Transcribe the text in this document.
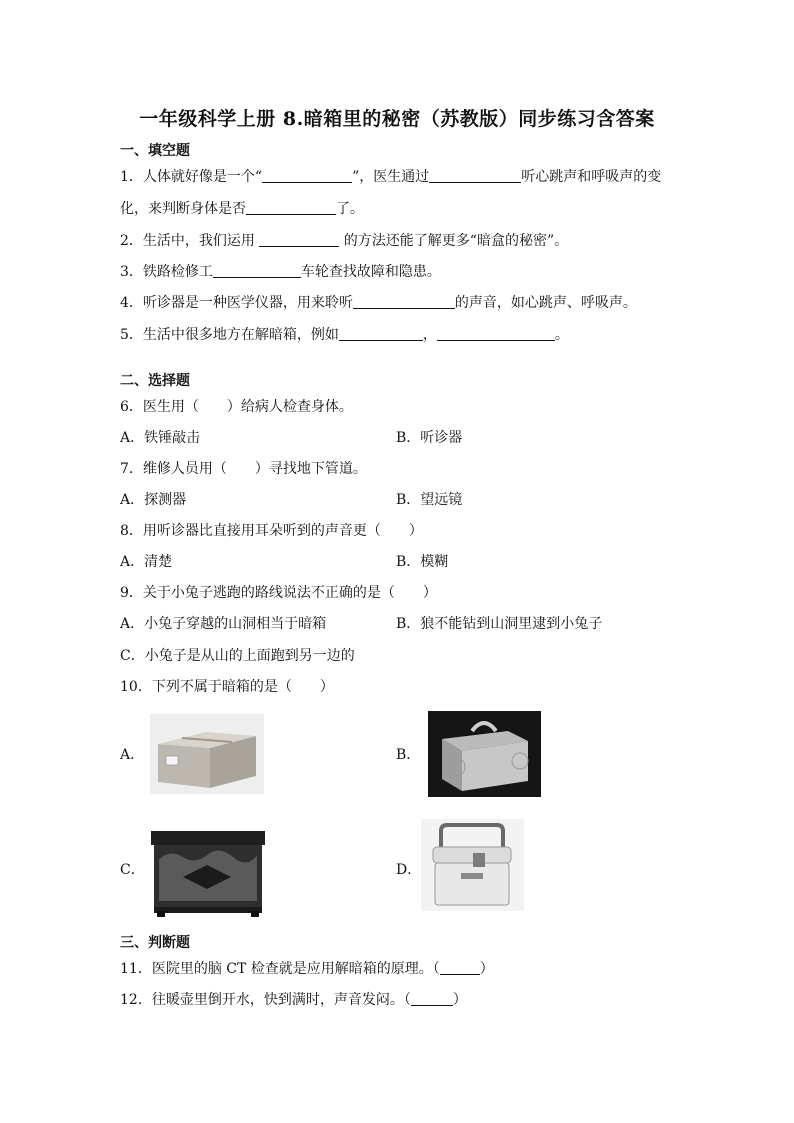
一年级科学上册 8.暗箱里的秘密（苏教版）同步练习含答案
一、填空题
1．人体就好像是一个“	”，医生通过	听心跳声和呼吸声的变
化，来判断身体是否	了。
2．生活中，我们运用	的方法还能了解更多“暗盒的秘密”。
3．铁路检修工	车轮查找故障和隐患。
4．听诊器是一种医学仪器，用来聆听	的声音，如心跳声、呼吸声。
5．生活中很多地方在解暗箱，例如	，	。
二、选择题
6．医生用（　　）给病人检查身体。
A．铁锤敲击	B．听诊器
7．维修人员用（　　）寻找地下管道。
A．探测器	B．望远镜
8．用听诊器比直接用耳朵听到的声音更（　　）
A．清楚	B．模糊
9．关于小兔子逃跑的路线说法不正确的是（　　）
A．小兔子穿越的山洞相当于暗箱	B．狼不能钻到山洞里逮到小兔子
C．小兔子是从山的上面跑到另一边的
10．下列不属于暗箱的是（　　）
A．	B．
C．	D．
三、判断题
11．医院里的脑 CT 检查就是应用解暗箱的原理。（	）
12．往暖壶里倒开水，快到满时，声音发闷。（	）
